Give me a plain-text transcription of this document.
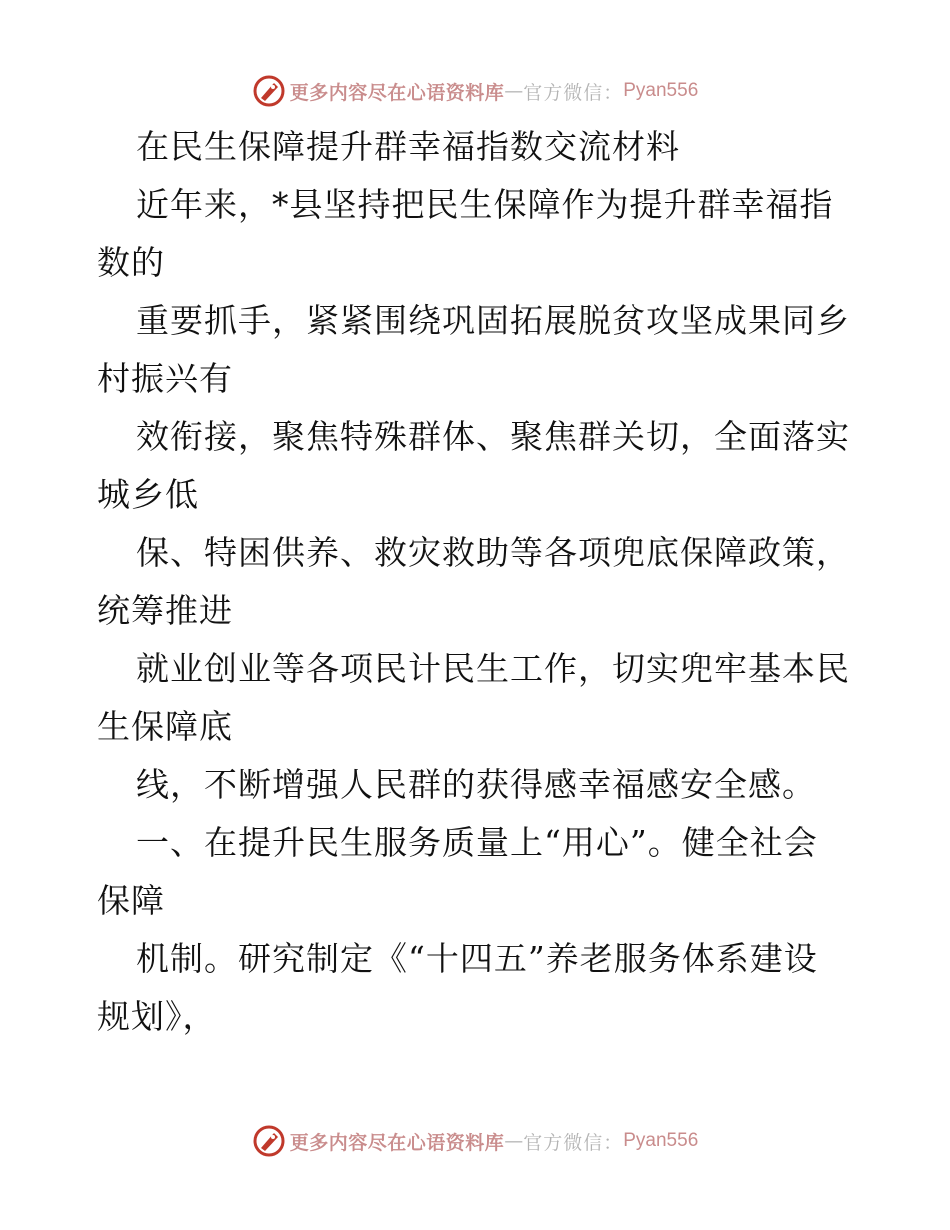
更多内容尽在心语资料库 — 官方微信： Pyan556
在民生保障提升群幸福指数交流材料
近年来，*县坚持把民生保障作为提升群幸福指
数的
重要抓手，紧紧围绕巩固拓展脱贫攻坚成果同乡
村振兴有
效衔接，聚焦特殊群体、聚焦群关切，全面落实
城乡低
保、特困供养、救灾救助等各项兜底保障政策，
统筹推进
就业创业等各项民计民生工作，切实兜牢基本民
生保障底
线，不断增强人民群的获得感幸福感安全感。
一、在提升民生服务质量上“用心”。健全社会
保障
机制。研究制定《“十四五”养老服务体系建设
规划》，
更多内容尽在心语资料库 — 官方微信： Pyan556
